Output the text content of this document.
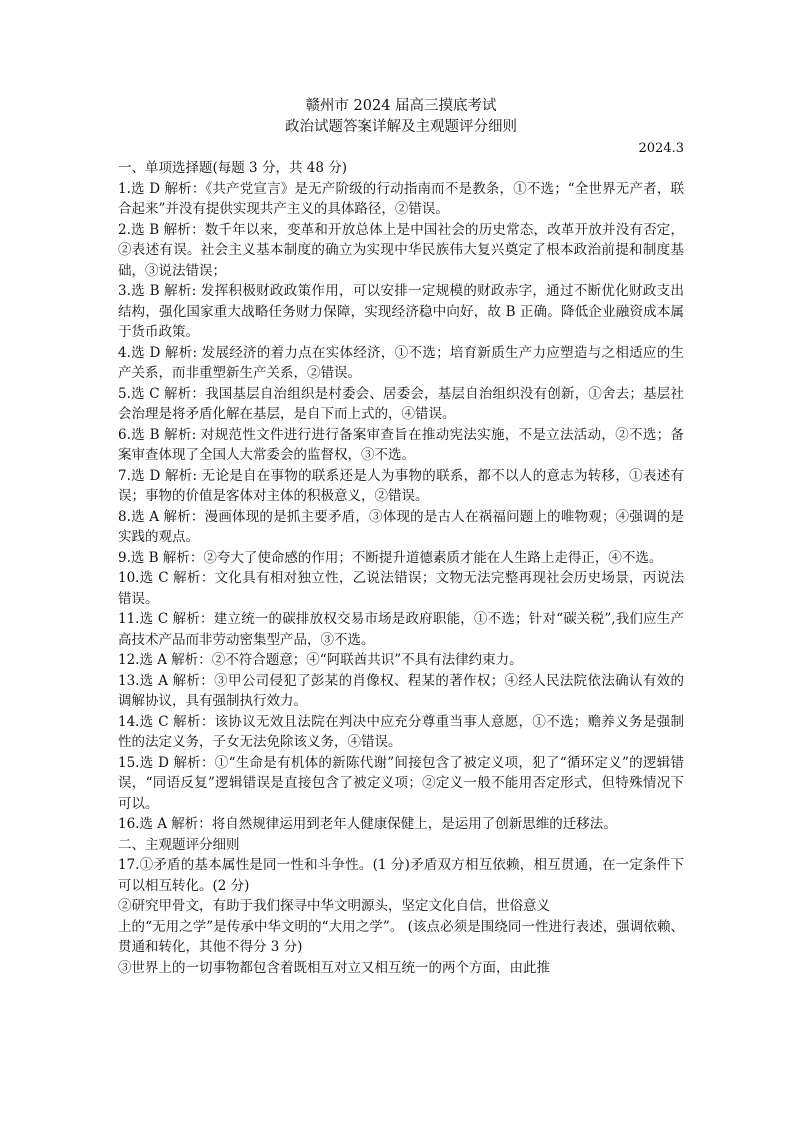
赣州市 2024 届高三摸底考试
政治试题答案详解及主观题评分细则
2024.3
一、单项选择题(每题 3 分，共 48 分)
1.选 D 解析：《共产党宣言》是无产阶级的行动指南而不是教条，①不选；“全世界无产者，联合起来”并没有提供实现共产主义的具体路径，②错误。
2.选 B 解析：数千年以来，变革和开放总体上是中国社会的历史常态，改革开放并没有否定，②表述有误。社会主义基本制度的确立为实现中华民族伟大复兴奠定了根本政治前提和制度基础，③说法错误；
3.选 B 解析: 发挥积极财政政策作用，可以安排一定规模的财政赤字，通过不断优化财政支出结构，强化国家重大战略任务财力保障，实现经济稳中向好，故 B 正确。降低企业融资成本属于货币政策。
4.选 D 解析: 发展经济的着力点在实体经济，①不选；培育新质生产力应塑造与之相适应的生产关系，而非重塑新生产关系，②错误。
5.选 C 解析：我国基层自治组织是村委会、居委会，基层自治组织没有创新，①舍去；基层社会治理是将矛盾化解在基层，是自下而上式的，④错误。
6.选 B 解析: 对规范性文件进行进行备案审查旨在推动宪法实施，不是立法活动，②不选；备案审查体现了全国人大常委会的监督权，③不选。
7.选 D 解析: 无论是自在事物的联系还是人为事物的联系，都不以人的意志为转移，①表述有误；事物的价值是客体对主体的积极意义，②错误。
8.选 A 解析：漫画体现的是抓主要矛盾，③体现的是古人在祸福问题上的唯物观；④强调的是实践的观点。
9.选 B 解析：②夸大了使命感的作用；不断提升道德素质才能在人生路上走得正，④不选。
10.选 C 解析：文化具有相对独立性，乙说法错误；文物无法完整再现社会历史场景，丙说法错误。
11.选 C 解析：建立统一的碳排放权交易市场是政府职能，①不选；针对“碳关税”,我们应生产高技术产品而非劳动密集型产品，③不选。
12.选 A 解析：②不符合题意；④“阿联酋共识”不具有法律约束力。
13.选 A 解析：③甲公司侵犯了彭某的肖像权、程某的著作权；④经人民法院依法确认有效的调解协议，具有强制执行效力。
14.选 C 解析：该协议无效且法院在判决中应充分尊重当事人意愿，①不选；赡养义务是强制性的法定义务，子女无法免除该义务，④错误。
15.选 D 解析：①“生命是有机体的新陈代谢”间接包含了被定义项，犯了“循环定义”的逻辑错误，“同语反复”逻辑错误是直接包含了被定义项；②定义一般不能用否定形式，但特殊情况下可以。
16.选 A 解析：将自然规律运用到老年人健康保健上，是运用了创新思维的迁移法。
二、主观题评分细则
17.①矛盾的基本属性是同一性和斗争性。(1 分)矛盾双方相互依赖，相互贯通，在一定条件下可以相互转化。(2 分)
②研究甲骨文，有助于我们探寻中华文明源头，坚定文化自信，世俗意义
上的“无用之学”是传承中华文明的“大用之学”。 (该点必须是围绕同一性进行表述，强调依赖、贯通和转化，其他不得分 3 分)
③世界上的一切事物都包含着既相互对立又相互统一的两个方面，由此推
